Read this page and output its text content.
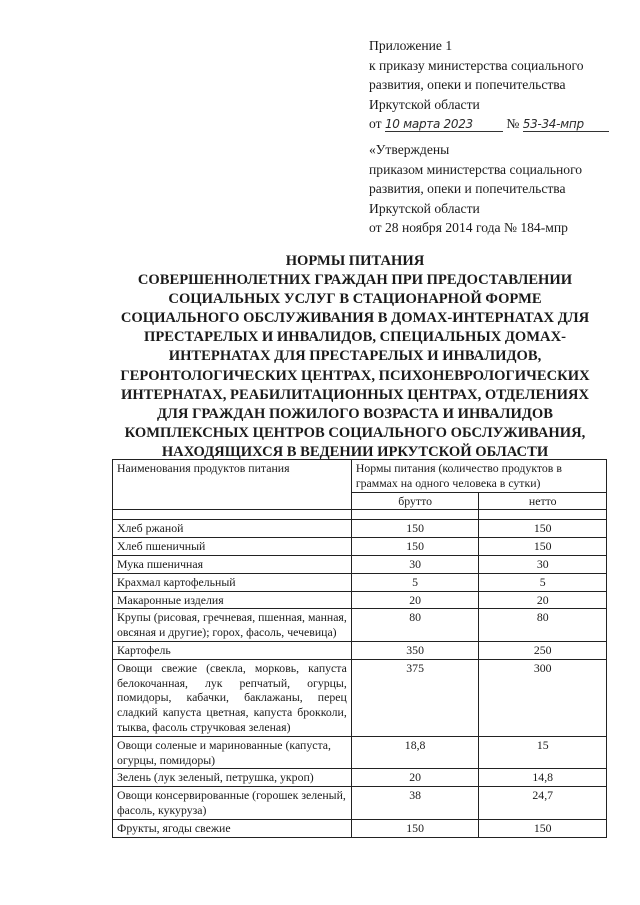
Приложение 1
к приказу министерства социального
развития, опеки и попечительства
Иркутской области
от 10 марта 2023 № 53-34-мпр
«Утверждены
приказом министерства социального
развития, опеки и попечительства
Иркутской области
от 28 ноября 2014 года № 184-мпр
НОРМЫ ПИТАНИЯ
СОВЕРШЕННОЛЕТНИХ ГРАЖДАН ПРИ ПРЕДОСТАВЛЕНИИ
СОЦИАЛЬНЫХ УСЛУГ В СТАЦИОНАРНОЙ ФОРМЕ
СОЦИАЛЬНОГО ОБСЛУЖИВАНИЯ В ДОМАХ-ИНТЕРНАТАХ ДЛЯ
ПРЕСТАРЕЛЫХ И ИНВАЛИДОВ, СПЕЦИАЛЬНЫХ ДОМАХ-
ИНТЕРНАТАХ ДЛЯ ПРЕСТАРЕЛЫХ И ИНВАЛИДОВ,
ГЕРОНТОЛОГИЧЕСКИХ ЦЕНТРАХ, ПСИХОНЕВРОЛОГИЧЕСКИХ
ИНТЕРНАТАХ, РЕАБИЛИТАЦИОННЫХ ЦЕНТРАХ, ОТДЕЛЕНИЯХ
ДЛЯ ГРАЖДАН ПОЖИЛОГО ВОЗРАСТА И ИНВАЛИДОВ
КОМПЛЕКСНЫХ ЦЕНТРОВ СОЦИАЛЬНОГО ОБСЛУЖИВАНИЯ,
НАХОДЯЩИХСЯ В ВЕДЕНИИ ИРКУТСКОЙ ОБЛАСТИ
Наименования продуктов питания	Нормы питания (количество продуктов в граммах на одного человека в сутки)	
	брутто	нетто

Хлеб ржаной	150	150
Хлеб пшеничный	150	150
Мука пшеничная	30	30
Крахмал картофельный	5	5
Макаронные изделия	20	20
Крупы (рисовая, гречневая, пшенная, манная, овсяная и другие); горох, фасоль, чечевица)	80	80
Картофель	350	250
Овощи свежие (свекла, морковь, капуста белокочанная, лук репчатый, огурцы, помидоры, кабачки, баклажаны, перец сладкий капуста цветная, капуста брокколи, тыква, фасоль стручковая зеленая)	375	300
Овощи соленые и маринованные (капуста, огурцы, помидоры)	18,8	15
Зелень (лук зеленый, петрушка, укроп)	20	14,8
Овощи консервированные (горошек зеленый, фасоль, кукуруза)	38	24,7
Фрукты, ягоды свежие	150	150
